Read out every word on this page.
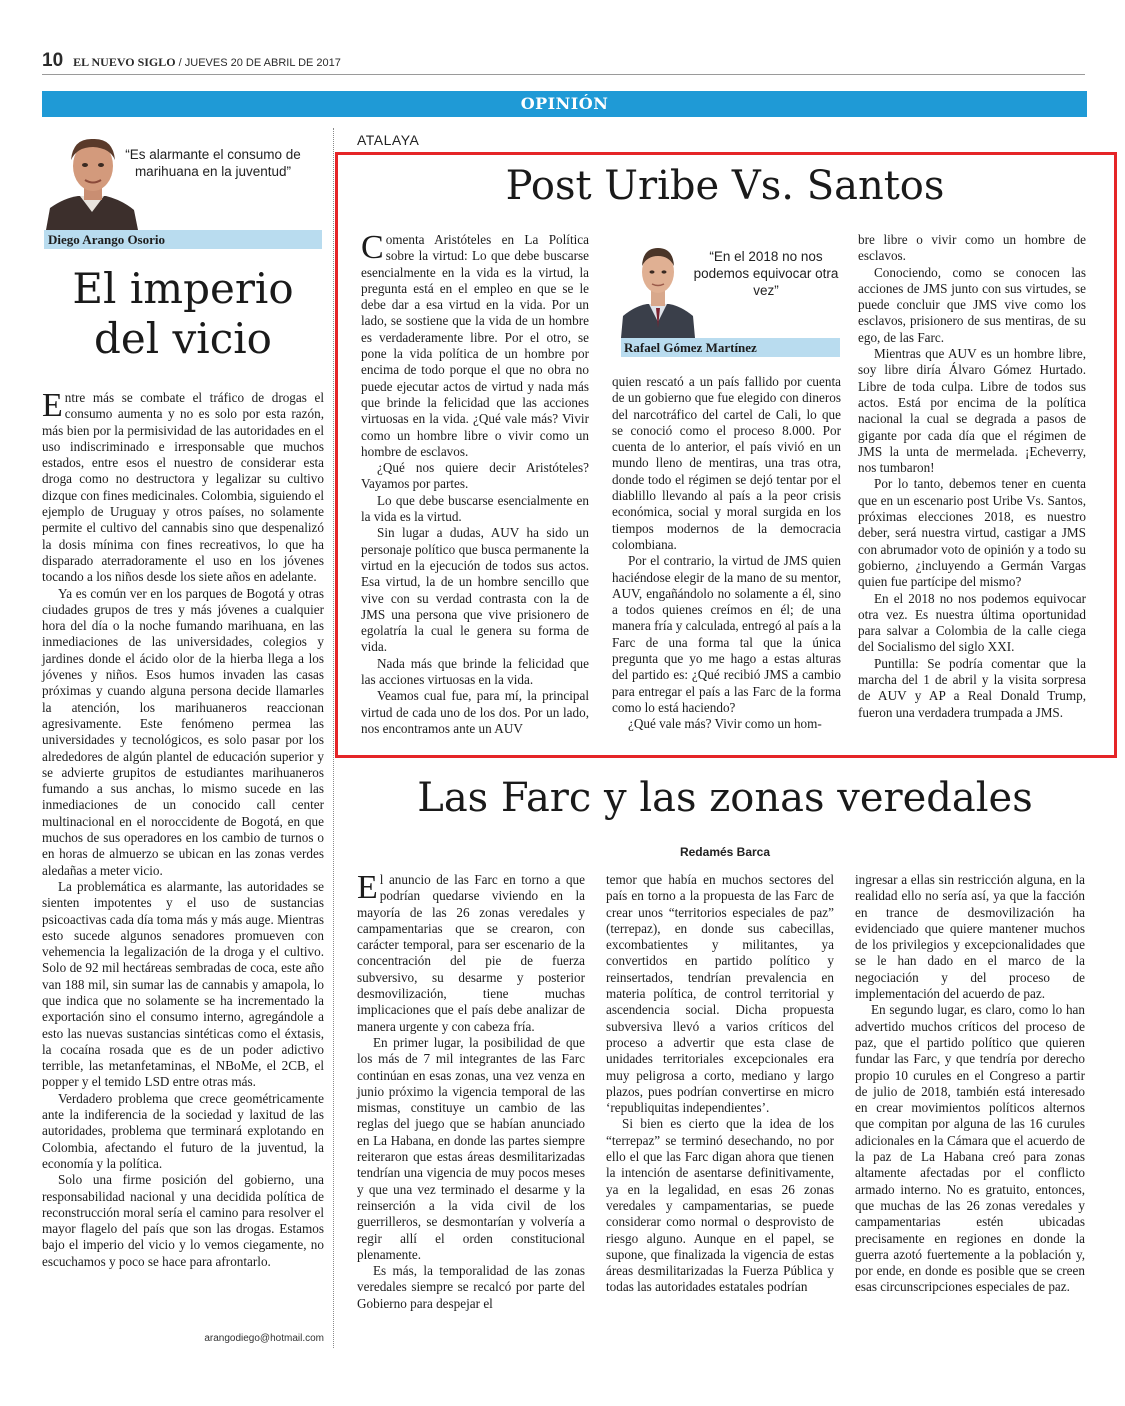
10 EL NUEVO SIGLO / JUEVES 20 DE ABRIL DE 2017
OPINIÓN
“Es alarmante el consumo de marihuana en la juventud”
Diego Arango Osorio
El imperio del vicio

Entre más se combate el tráfico de drogas el consumo aumenta y no es solo por esta razón, más bien por la permisividad de las autoridades en el uso indiscriminado e irresponsable que muchos estados, entre esos el nuestro de considerar esta droga como no destructora y legalizar su cultivo dizque con fines medicinales. Colombia, siguiendo el ejemplo de Uruguay y otros países, no solamente permite el cultivo del cannabis sino que despenalizó la dosis mínima con fines recreativos, lo que ha disparado aterradoramente el uso en los jóvenes tocando a los niños desde los siete años en adelante.

Ya es común ver en los parques de Bogotá y otras ciudades grupos de tres y más jóvenes a cualquier hora del día o la noche fumando marihuana, en las inmediaciones de las universidades, colegios y jardines donde el ácido olor de la hierba llega a los jóvenes y niños. Esos humos invaden las casas próximas y cuando alguna persona decide llamarles la atención, los marihuaneros reaccionan agresivamente. Este fenómeno permea las universidades y tecnológicos, es solo pasar por los alrededores de algún plantel de educación superior y se advierte grupitos de estudiantes marihuaneros fumando a sus anchas, lo mismo sucede en las inmediaciones de un conocido call center multinacional en el noroccidente de Bogotá, en que muchos de sus operadores en los cambio de turnos o en horas de almuerzo se ubican en las zonas verdes aledañas a meter vicio.

La problemática es alarmante, las autoridades se sienten impotentes y el uso de sustancias psicoactivas cada día toma más y más auge. Mientras esto sucede algunos senadores promueven con vehemencia la legalización de la droga y el cultivo. Solo de 92 mil hectáreas sembradas de coca, este año van 188 mil, sin sumar las de cannabis y amapola, lo que indica que no solamente se ha incrementado la exportación sino el consumo interno, agregándole a esto las nuevas sustancias sintéticas como el éxtasis, la cocaína rosada que es de un poder adictivo terrible, las metanfetaminas, el NBoMe, el 2CB, el popper y el temido LSD entre otras más.

Verdadero problema que crece geométricamente ante la indiferencia de la sociedad y laxitud de las autoridades, problema que terminará explotando en Colombia, afectando el futuro de la juventud, la economía y la política.

Solo una firme posición del gobierno, una responsabilidad nacional y una decidida política de reconstrucción moral sería el camino para resolver el mayor flagelo del país que son las drogas. Estamos bajo el imperio del vicio y lo vemos ciegamente, no escuchamos y poco se hace para afrontarlo.

arangodiego@hotmail.com
ATALAYA
Post Uribe Vs. Santos

Comenta Aristóteles en La Política sobre la virtud: Lo que debe buscarse esencialmente en la vida es la virtud, la pregunta está en el empleo en que se le debe dar a esa virtud en la vida. Por un lado, se sostiene que la vida de un hombre es verdaderamente libre. Por el otro, se pone la vida política de un hombre por encima de todo porque el que no obra no puede ejecutar actos de virtud y nada más que brinde la felicidad que las acciones virtuosas en la vida. ¿Qué vale más? Vivir como un hombre libre o vivir como un hombre de esclavos.

¿Qué nos quiere decir Aristóteles? Vayamos por partes.

Lo que debe buscarse esencialmente en la vida es la virtud.

Sin lugar a dudas, AUV ha sido un personaje político que busca permanente la virtud en la ejecución de todos sus actos. Esa virtud, la de un hombre sencillo que vive con su verdad contrasta con la de JMS una persona que vive prisionero de egolatría la cual le genera su forma de vida.

Nada más que brinde la felicidad que las acciones virtuosas en la vida.

Veamos cual fue, para mí, la principal virtud de cada uno de los dos. Por un lado, nos encontramos ante un AUV

“En el 2018 no nos podemos equivocar otra vez”
Rafael Gómez Martínez

quien rescató a un país fallido por cuenta de un gobierno que fue elegido con dineros del narcotráfico del cartel de Cali, lo que se conoció como el proceso 8.000. Por cuenta de lo anterior, el país vivió en un mundo lleno de mentiras, una tras otra, donde todo el régimen se dejó tentar por el diablillo llevando al país a la peor crisis económica, social y moral surgida en los tiempos modernos de la democracia colombiana.

Por el contrario, la virtud de JMS quien haciéndose elegir de la mano de su mentor, AUV, engañándolo no solamente a él, sino a todos quienes creímos en él; de una manera fría y calculada, entregó al país a la Farc de una forma tal que la única pregunta que yo me hago a estas alturas del partido es: ¿Qué recibió JMS a cambio para entregar el país a las Farc de la forma como lo está haciendo?

¿Qué vale más? Vivir como un hom-

bre libre o vivir como un hombre de esclavos.

Conociendo, como se conocen las acciones de JMS junto con sus virtudes, se puede concluir que JMS vive como los esclavos, prisionero de sus mentiras, de su ego, de las Farc.

Mientras que AUV es un hombre libre, soy libre diría Álvaro Gómez Hurtado. Libre de toda culpa. Libre de todos sus actos. Está por encima de la política nacional la cual se degrada a pasos de gigante por cada día que el régimen de JMS la unta de mermelada. ¡Echeverry, nos tumbaron!

Por lo tanto, debemos tener en cuenta que en un escenario post Uribe Vs. Santos, próximas elecciones 2018, es nuestro deber, será nuestra virtud, castigar a JMS con abrumador voto de opinión y a todo su gobierno, ¿incluyendo a Germán Vargas quien fue partícipe del mismo?

En el 2018 no nos podemos equivocar otra vez. Es nuestra última oportunidad para salvar a Colombia de la calle ciega del Socialismo del siglo XXI.

Puntilla: Se podría comentar que la marcha del 1 de abril y la visita sorpresa de AUV y AP a Real Donald Trump, fueron una verdadera trumpada a JMS.

Las Farc y las zonas veredales
Redamés Barca

El anuncio de las Farc en torno a que podrían quedarse viviendo en la mayoría de las 26 zonas veredales y campamentarias que se crearon, con carácter temporal, para ser escenario de la concentración del pie de fuerza subversivo, su desarme y posterior desmovilización, tiene muchas implicaciones que el país debe analizar de manera urgente y con cabeza fría.

En primer lugar, la posibilidad de que los más de 7 mil integrantes de las Farc continúan en esas zonas, una vez venza en junio próximo la vigencia temporal de las mismas, constituye un cambio de las reglas del juego que se habían anunciado en La Habana, en donde las partes siempre reiteraron que estas áreas desmilitarizadas tendrían una vigencia de muy pocos meses y que una vez terminado el desarme y la reinserción a la vida civil de los guerrilleros, se desmontarían y volvería a regir allí el orden constitucional plenamente.

Es más, la temporalidad de las zonas veredales siempre se recalcó por parte del Gobierno para despejar el

temor que había en muchos sectores del país en torno a la propuesta de las Farc de crear unos “territorios especiales de paz” (terrepaz), en donde sus cabecillas, excombatientes y militantes, ya convertidos en partido político y reinsertados, tendrían prevalencia en materia política, de control territorial y ascendencia social. Dicha propuesta subversiva llevó a varios críticos del proceso a advertir que esta clase de unidades territoriales excepcionales era muy peligrosa a corto, mediano y largo plazos, pues podrían convertirse en micro ‘republiquitas independientes’.

Si bien es cierto que la idea de los “terrepaz” se terminó desechando, no por ello el que las Farc digan ahora que tienen la intención de asentarse definitivamente, ya en la legalidad, en esas 26 zonas veredales y campamentarias, se puede considerar como normal o desprovisto de riesgo alguno. Aunque en el papel, se supone, que finalizada la vigencia de estas áreas desmilitarizadas la Fuerza Pública y todas las autoridades estatales podrían

ingresar a ellas sin restricción alguna, en la realidad ello no sería así, ya que la facción en trance de desmovilización ha evidenciado que quiere mantener muchos de los privilegios y excepcionalidades que se le han dado en el marco de la negociación y del proceso de implementación del acuerdo de paz.

En segundo lugar, es claro, como lo han advertido muchos críticos del proceso de paz, que el partido político que quieren fundar las Farc, y que tendría por derecho propio 10 curules en el Congreso a partir de julio de 2018, también está interesado en crear movimientos políticos alternos que compitan por alguna de las 16 curules adicionales en la Cámara que el acuerdo de la paz de La Habana creó para zonas altamente afectadas por el conflicto armado interno. No es gratuito, entonces, que muchas de las 26 zonas veredales y campamentarias estén ubicadas precisamente en regiones en donde la guerra azotó fuertemente a la población y, por ende, en donde es posible que se creen esas circunscripciones especiales de paz.
